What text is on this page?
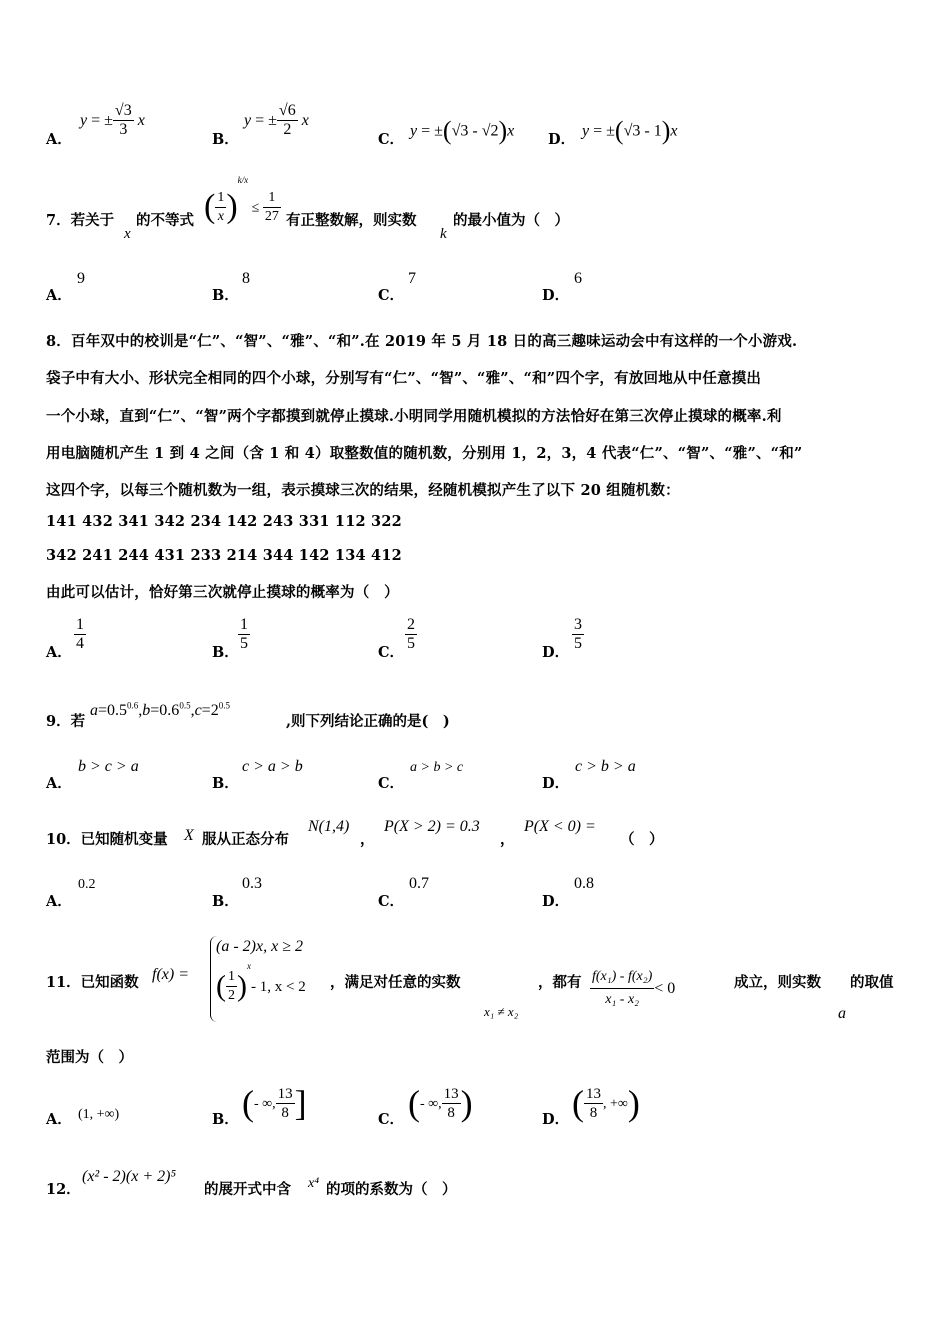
A．
y = ± $\frac{√3}{3}$ x
B．
y = ± $\frac{√6}{2}$ x
C． y = ±(√3 - √2)x D． y = ±(√3 - 1)x
7．若关于
x
的不等式 ( $\frac{1}{x} )^{k/x} \le \frac{1}{27}$ 有正整数解，则实数
k
的最小值为（　）
A．
9
B．
8
C．
7
D．
6
8．百年双中的校训是“仁”、“智”、“雅”、“和”.在 2019 年 5 月 18 日的高三趣味运动会中有这样的一个小游戏.
袋子中有大小、形状完全相同的四个小球，分别写有“仁”、“智”、“雅”、“和”四个字，有放回地从中任意摸出
一个小球，直到“仁”、“智”两个字都摸到就停止摸球.小明同学用随机模拟的方法恰好在第三次停止摸球的概率.利
用电脑随机产生 1 到 4 之间（含 1 和 4）取整数值的随机数，分别用 1，2，3，4 代表“仁”、“智”、“雅”、“和”
这四个字，以每三个随机数为一组，表示摸球三次的结果，经随机模拟产生了以下 20 组随机数：
141 432 341 342 234 142 243 331 112 322
342 241 244 431 233 214 344 142 134 412
由此可以估计，恰好第三次就停止摸球的概率为（　）
A． $\frac{1}{4}$	B． $\frac{1}{5}$	C． $\frac{2}{5}$	D． $\frac{3}{5}$
9．若
$a=0.5^{0.6},b=0.6^{0.5},c=2^{0.5}$
,则下列结论正确的是(　)
A．
b > c > a
B．
c > a > b
C．
a > b > c
D．
c > b > a
10．已知随机变量 X 服从正态分布
N(1,4)
，
P(X > 2) = 0.3
，
P(X < 0) =
（　）
A．
0.2
B．
0.3
C．
0.7
D．
0.8
11．已知函数 f(x) =
(a - 2)x, x ≥ 2
( $\frac{1}{2} )^x-$ 1, x < 2 ，满足对任意的实数
x₁ ≠ x₂
，都有 $\frac{\text{f(x₁) - f(x₂)}}{\text{x₁ - x₂}} < 0$	成立，则实数
a
的取值
范围为（　）
A． (1, +∞)	B． (- ∞, $\frac{13}{8}$ ]	C． (- ∞, $\frac{13}{8}$ )	D． ( $\frac{13}{8}$ , +∞)
12．
(x² - 2)(x + 2)⁵
的展开式中含 x⁴ 的项的系数为（　）
